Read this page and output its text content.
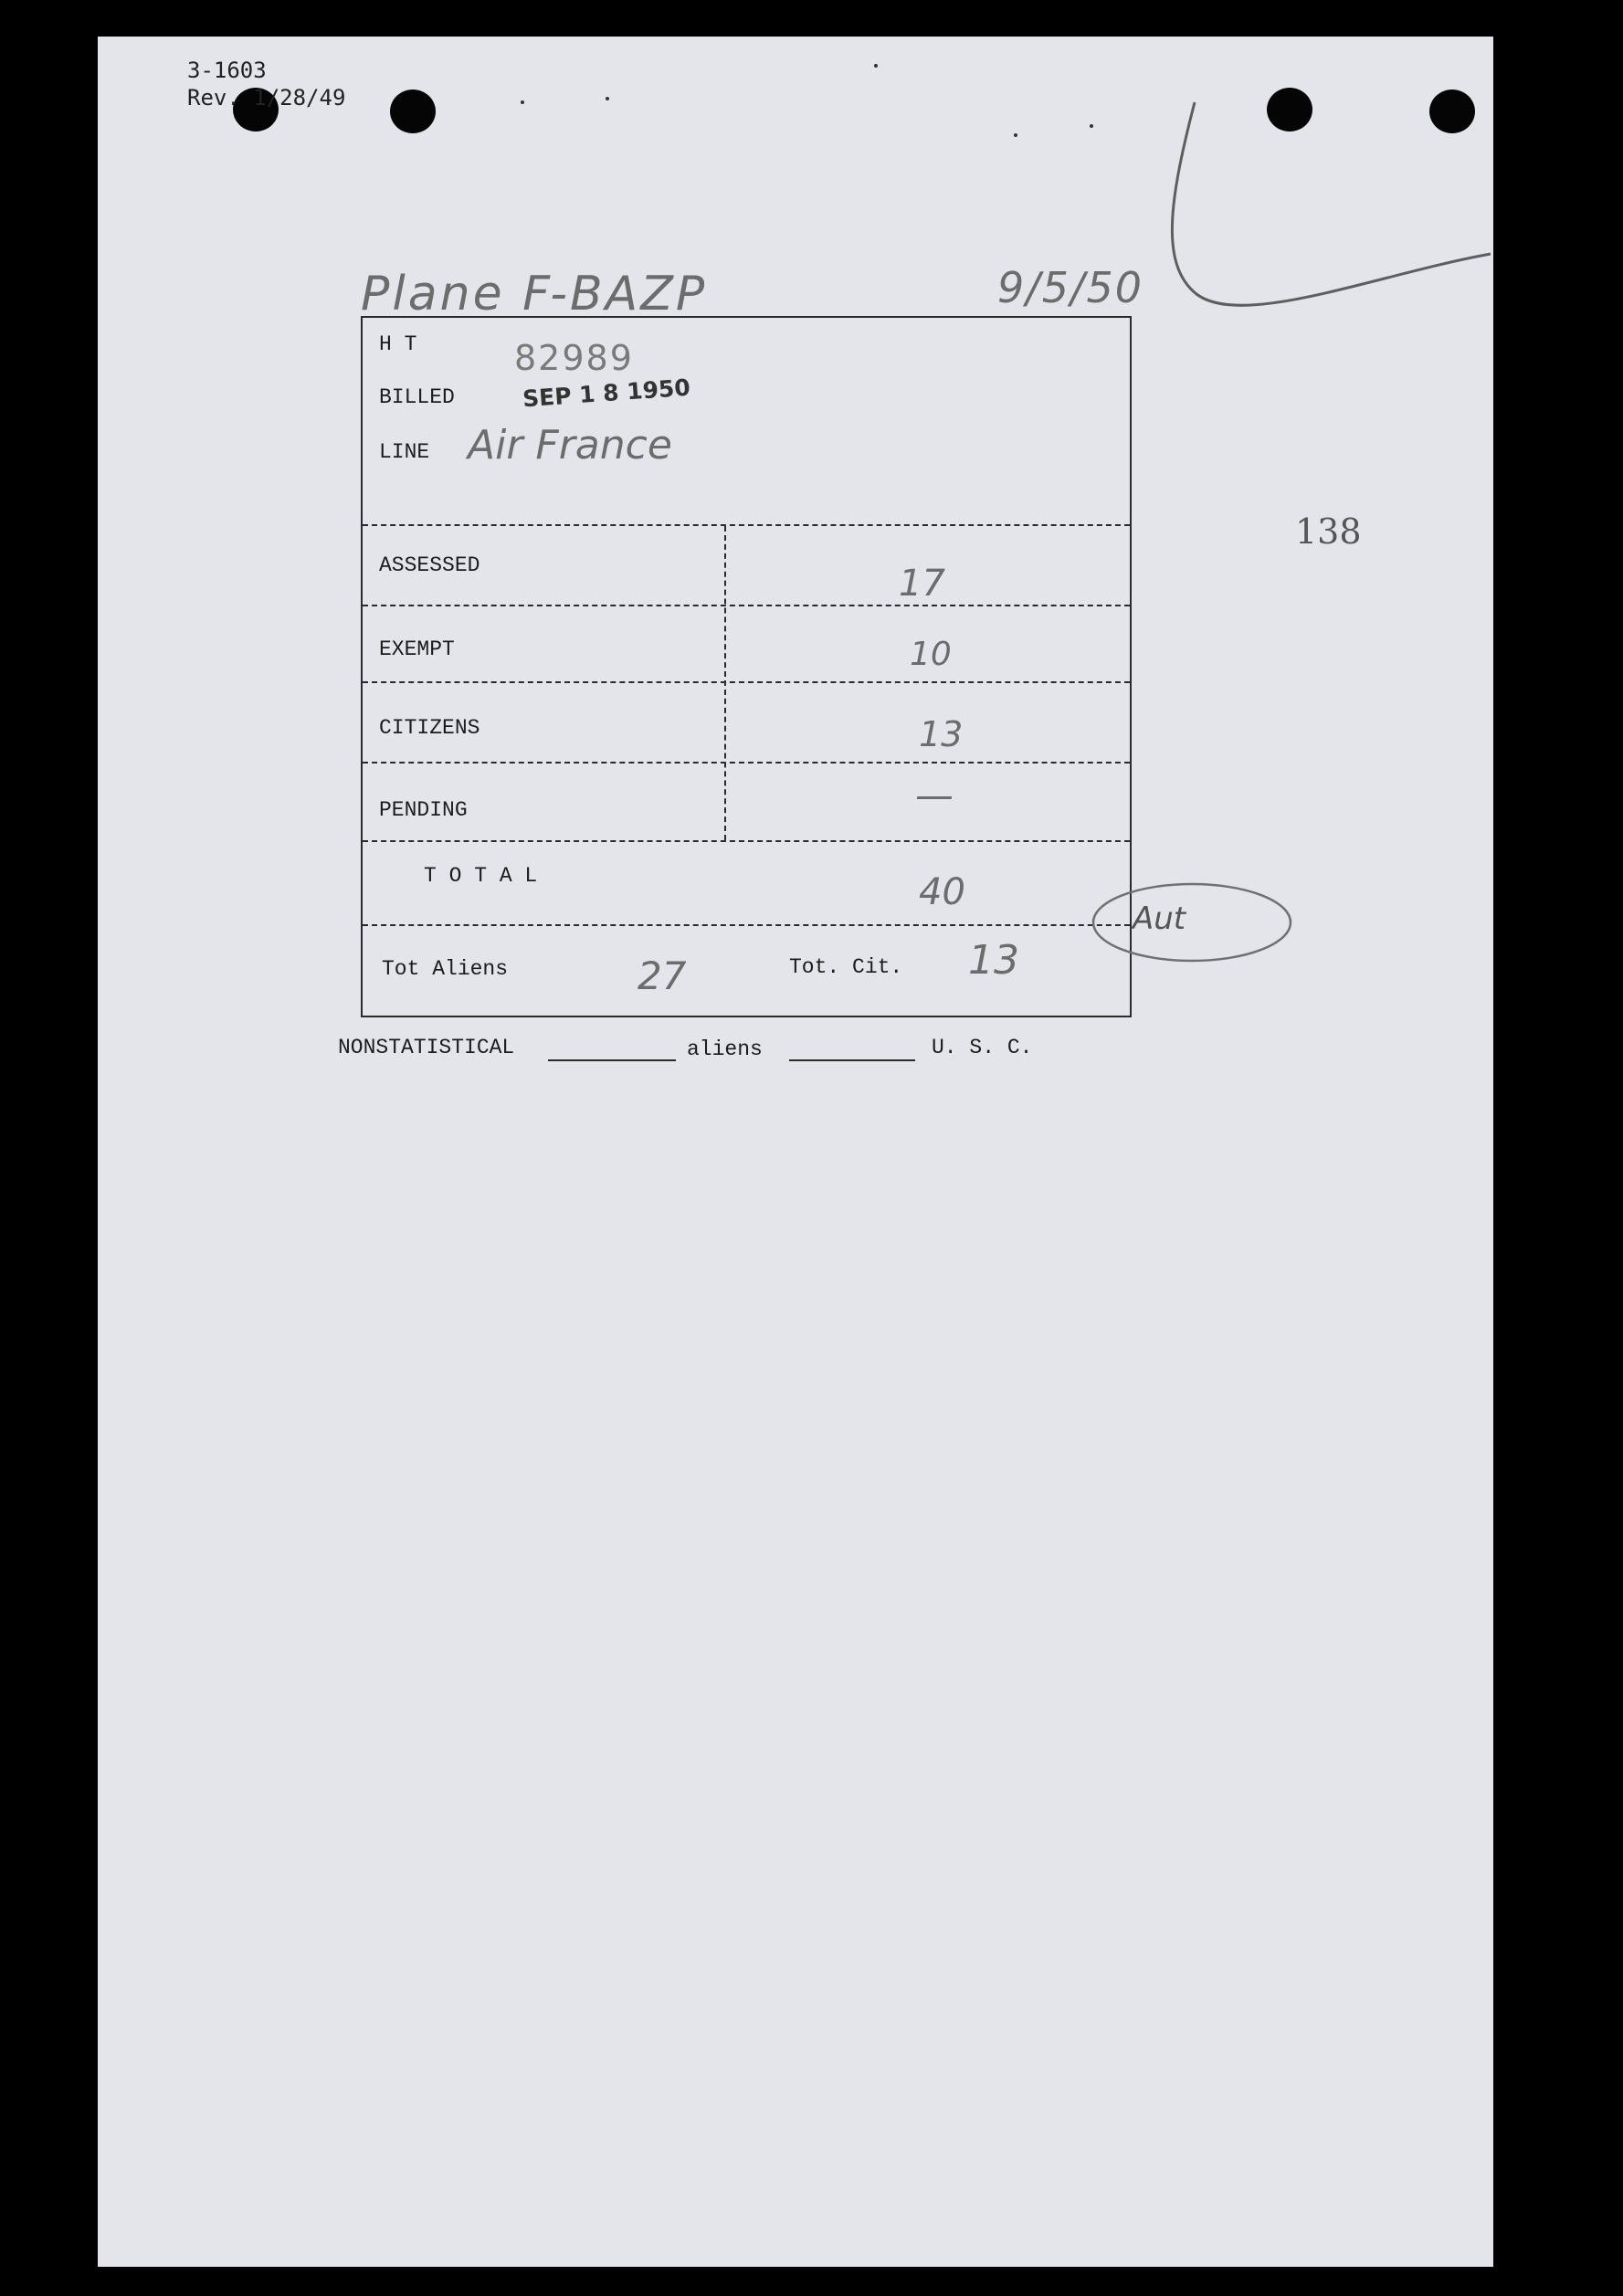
3-1603
Rev. 1/28/49
Plane F-BAZP	9/5/50
138
H T	82989
BILLED	SEP 1 8 1950
LINE Air France
ASSESSED	17
EXEMPT	10
CITIZENS	13
PENDING	—
T O T A L	40
Aut
Tot Aliens	27	Tot. Cit. 13
NONSTATISTICAL	aliens	U. S. C.
